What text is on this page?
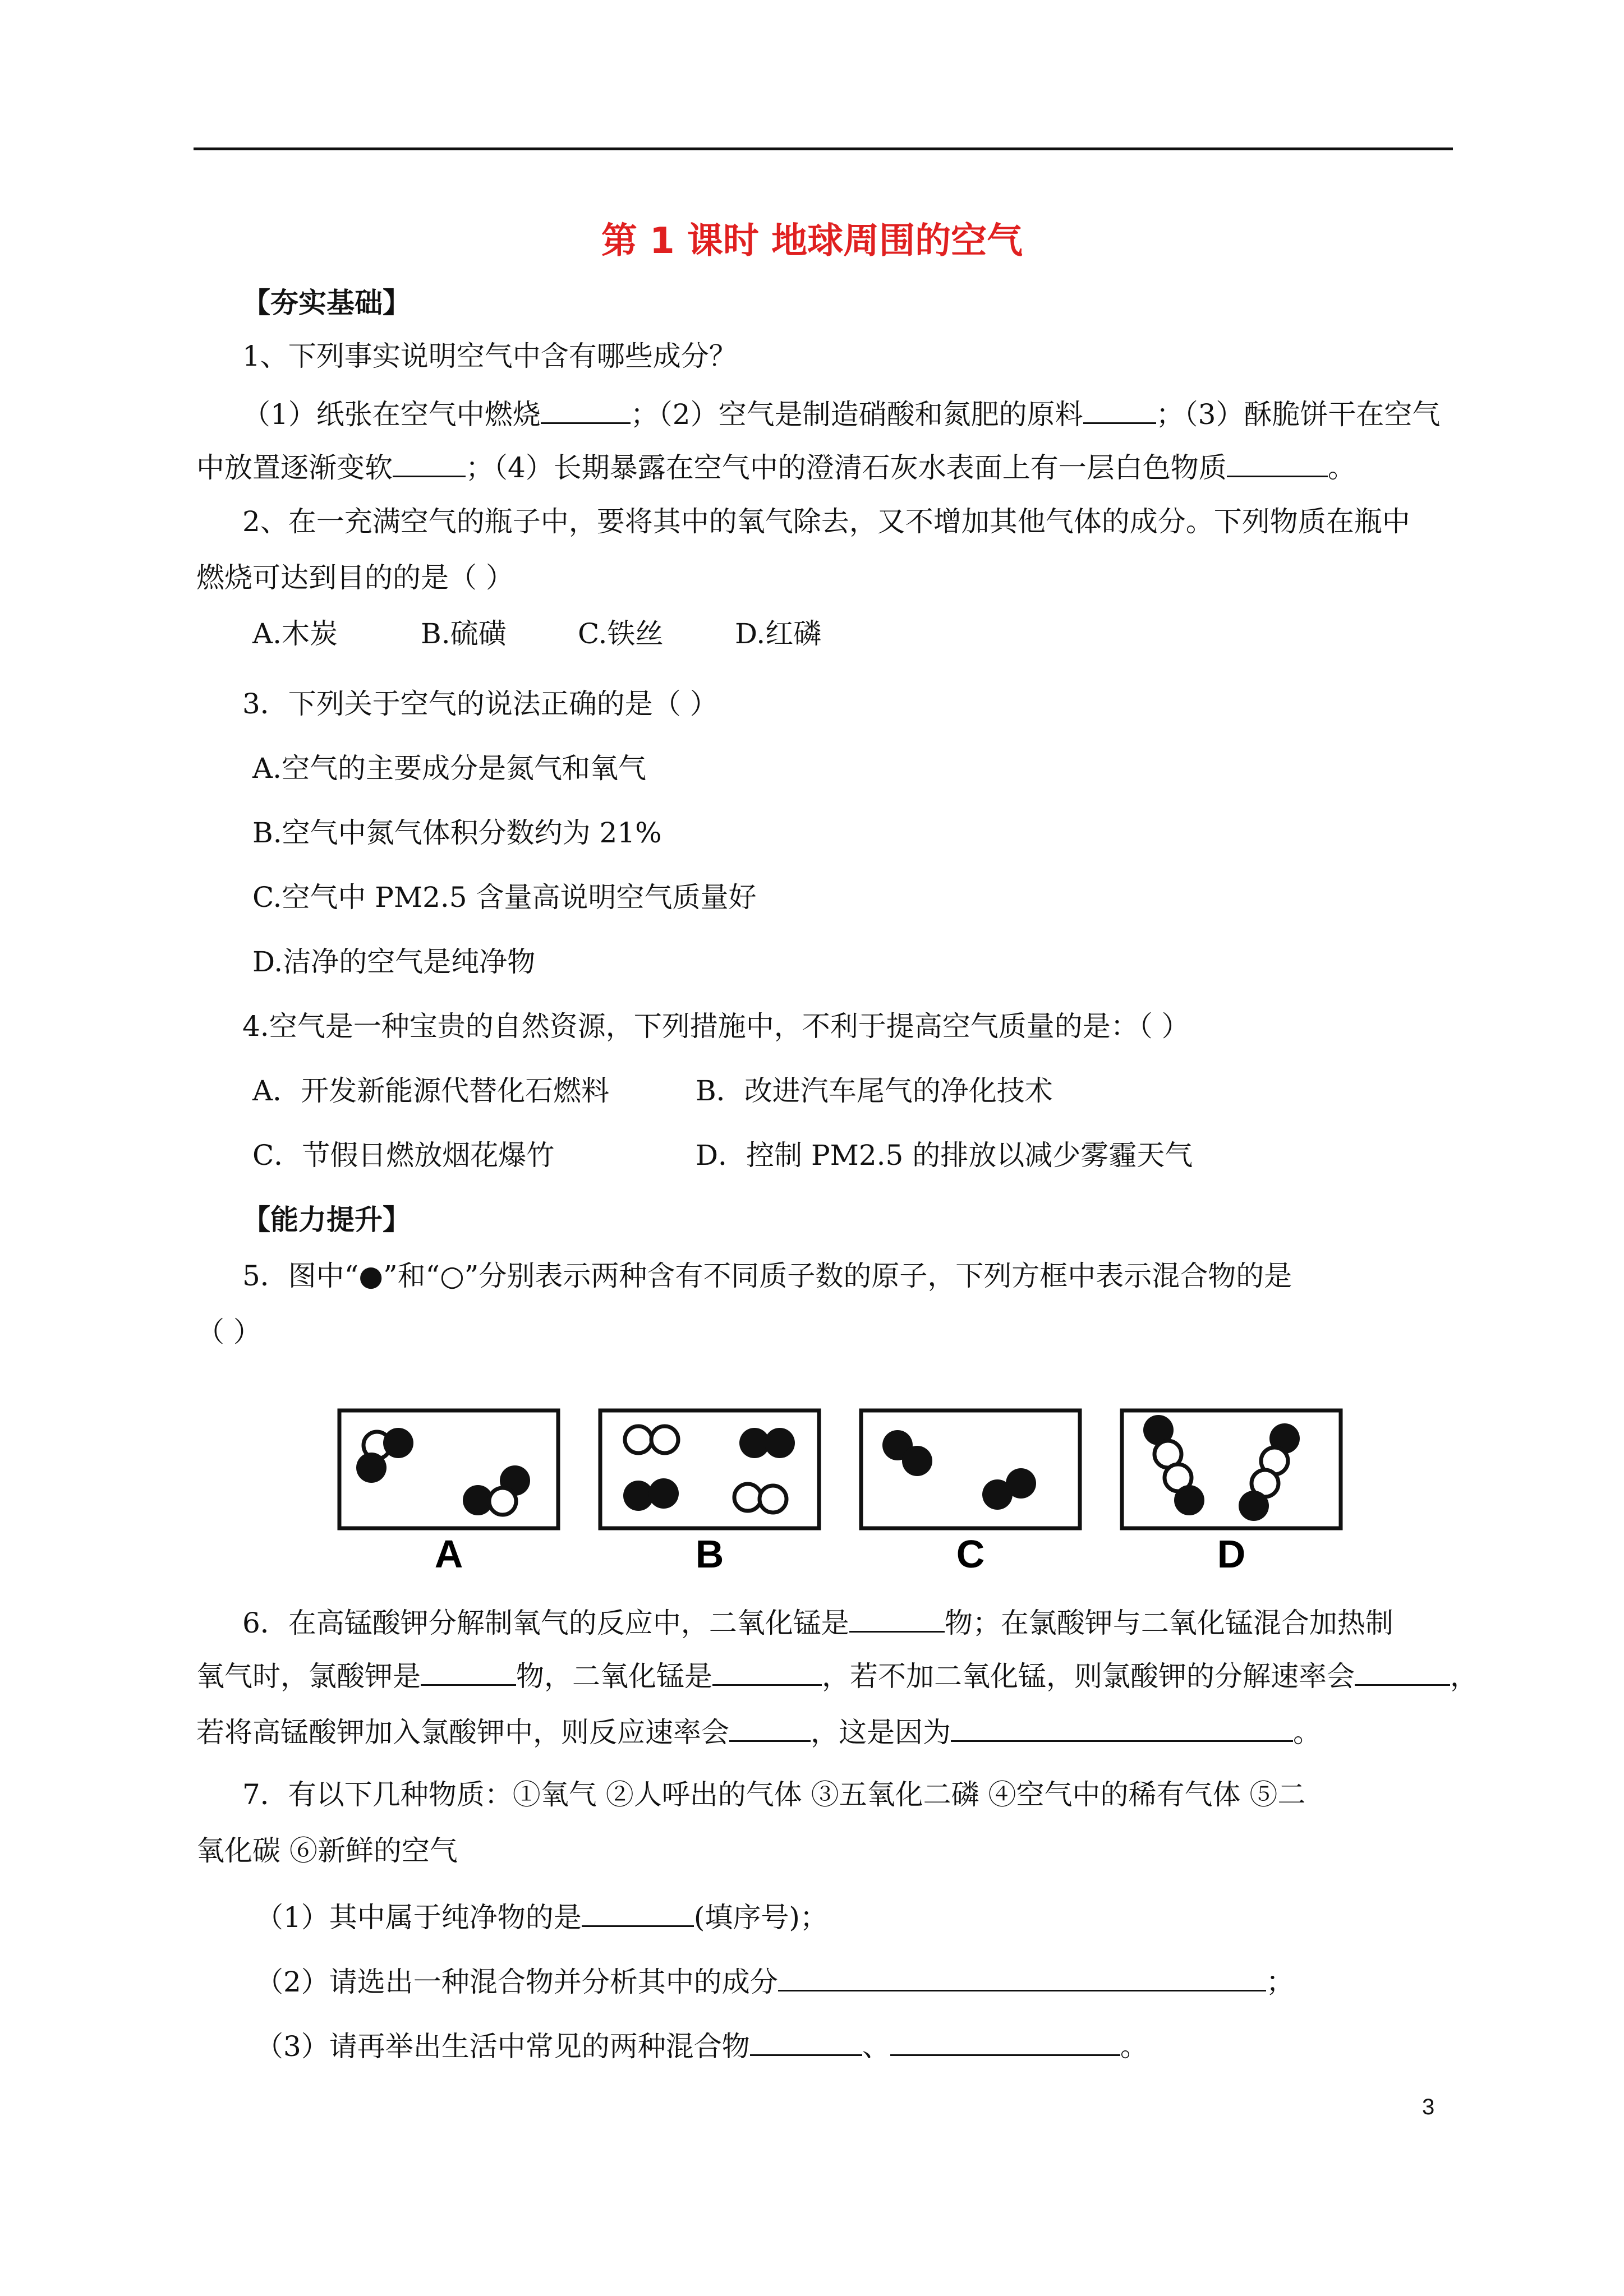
第 1 课时 地球周围的空气
【夯实基础】
1、下列事实说明空气中含有哪些成分？
（1）纸张在空气中燃烧	；（2）空气是制造硝酸和氮肥的原料	；（3）酥脆饼干在空气
中放置逐渐变软	；（4）长期暴露在空气中的澄清石灰水表面上有一层白色物质	。
2、在一充满空气的瓶子中，要将其中的氧气除去，又不增加其他气体的成分。下列物质在瓶中
燃烧可达到目的的是（ ）
A.木炭	B.硫磺	C.铁丝	D.红磷
3．下列关于空气的说法正确的是（ ）
A.空气的主要成分是氮气和氧气
B.空气中氮气体积分数约为 21%
C.空气中 PM2.5 含量高说明空气质量好
D.洁净的空气是纯净物
4.空气是一种宝贵的自然资源，下列措施中，不利于提高空气质量的是：（ ）
A．开发新能源代替化石燃料	B．改进汽车尾气的净化技术
C．节假日燃放烟花爆竹	D．控制 PM2.5 的排放以减少雾霾天气
【能力提升】
5．图中“●”和“○”分别表示两种含有不同质子数的原子，下列方框中表示混合物的是
（ ）
A	B	C	D
6．在高锰酸钾分解制氧气的反应中，二氧化锰是	物；在氯酸钾与二氧化锰混合加热制
氧气时，氯酸钾是	物，二氧化锰是	，若不加二氧化锰，则氯酸钾的分解速率会	，
若将高锰酸钾加入氯酸钾中，则反应速率会	，这是因为	。
7．有以下几种物质：①氧气 ②人呼出的气体 ③五氧化二磷 ④空气中的稀有气体 ⑤二
氧化碳 ⑥新鲜的空气
（1）其中属于纯净物的是	(填序号)；
（2）请选出一种混合物并分析其中的成分	；
（3）请再举出生活中常见的两种混合物	、	。
3
